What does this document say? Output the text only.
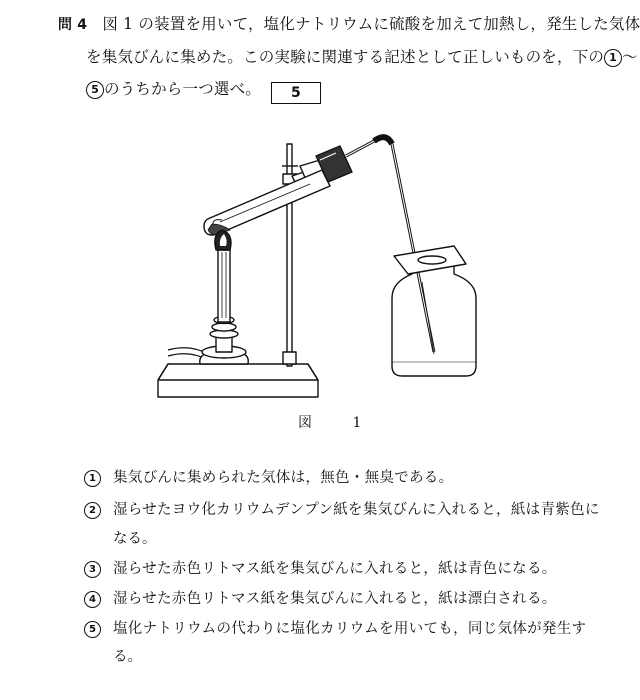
問 4 図 1 の装置を用いて，塩化ナトリウムに硫酸を加えて加熱し，発生した気体
を集気びんに集めた。この実験に関連する記述として正しいものを，下の 1 〜
5 のうちから一つ選べ。 5
図 1
1 集気びんに集められた気体は，無色・無臭である。
2 湿らせたヨウ化カリウムデンプン紙を集気びんに入れると，紙は青紫色に
なる。
3 湿らせた赤色リトマス紙を集気びんに入れると，紙は青色になる。
4 湿らせた赤色リトマス紙を集気びんに入れると，紙は漂白される。
5 塩化ナトリウムの代わりに塩化カリウムを用いても，同じ気体が発生す
る。
